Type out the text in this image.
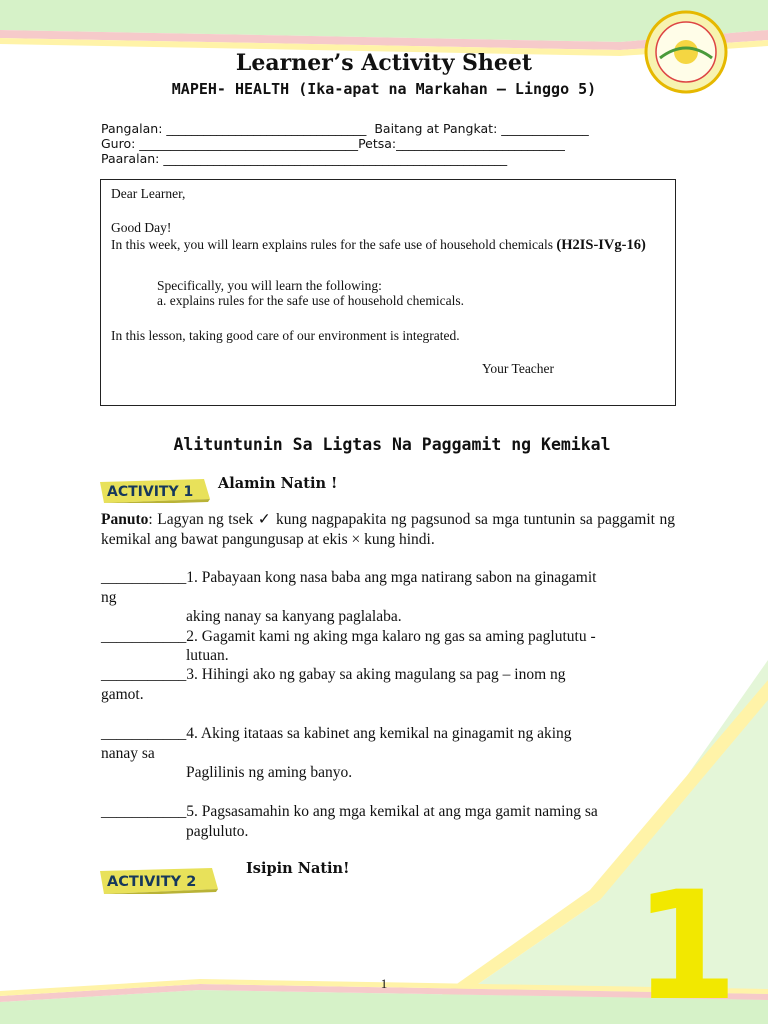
1
Learner’s Activity Sheet
MAPEH- HEALTH (Ika-apat na Markahan – Linggo 5)
Pangalan: ________________________________ Baitang at Pangkat: ______________
Guro: ___________________________________Petsa:___________________________
Paaralan: _______________________________________________________
Dear Learner,
Good Day!
In this week, you will learn explains rules for the safe use of household chemicals (H2IS-IVg-16)
Specifically, you will learn the following:
a. explains rules for the safe use of household chemicals.
In this lesson, taking good care of our environment is integrated.
Your Teacher
Alituntunin Sa Ligtas Na Paggamit ng Kemikal
ACTIVITY 1 Alamin Natin !
Panuto: Lagyan ng tsek ✓ kung nagpapakita ng pagsunod sa mga tuntunin sa paggamit ng kemikal ang bawat pangungusap at ekis × kung hindi.
___________1. Pabayaan kong nasa baba ang mga natirang sabon na ginagamit
ng
aking nanay sa kanyang paglalaba.
___________2. Gagamit kami ng aking mga kalaro ng gas sa aming paglututu -
lutuan.
___________3. Hihingi ako ng gabay sa aking magulang sa pag – inom ng
gamot.
___________4. Aking itataas sa kabinet ang kemikal na ginagamit ng aking
nanay sa
Paglilinis ng aming banyo.
___________5. Pagsasamahin ko ang mga kemikal at ang mga gamit naming sa
pagluluto.
ACTIVITY 2
Isipin Natin!
1
